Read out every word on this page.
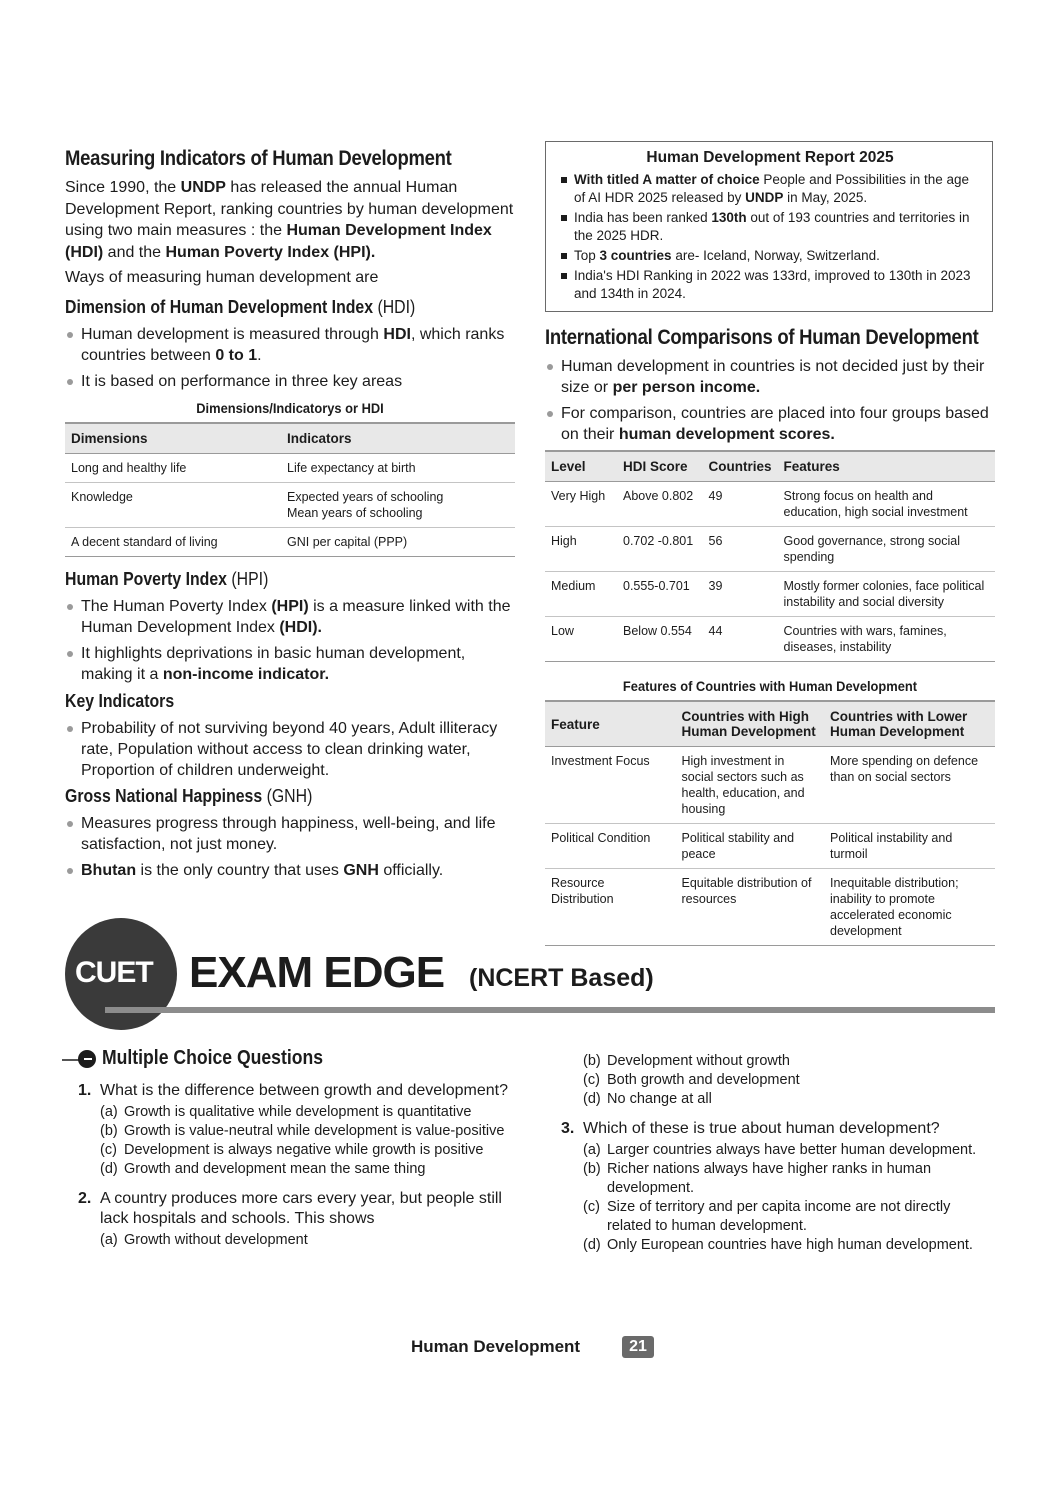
Measuring Indicators of Human Development

Since 1990, the UNDP has released the annual Human Development Report, ranking countries by human development using two main measures : the Human Development Index (HDI) and the Human Poverty Index (HPI).

Ways of measuring human development are

Dimension of Human Development Index (HDI)
Human development is measured through HDI, which ranks countries between 0 to 1.
It is based on performance in three key areas
Dimensions/Indicatorys or HDI
Dimensions	Indicators
Long and healthy life	Life expectancy at birth
Knowledge	Expected years of schooling
Mean years of schooling
A decent standard of living	GNI per capital (PPP)
Human Poverty Index (HPI)
The Human Poverty Index (HPI) is a measure linked with the Human Development Index (HDI).
It highlights deprivations in basic human development, making it a non-income indicator.
Key Indicators
Probability of not surviving beyond 40 years, Adult illiteracy rate, Population without access to clean drinking water, Proportion of children underweight.
Gross National Happiness (GNH)
Measures progress through happiness, well-being, and life satisfaction, not just money.
Bhutan is the only country that uses GNH officially.
Human Development Report 2025
With titled A matter of choice People and Possibilities in the age of AI HDR 2025 released by UNDP in May, 2025.
India has been ranked 130th out of 193 countries and territories in the 2025 HDR.
Top 3 countries are- Iceland, Norway, Switzerland.
India's HDI Ranking in 2022 was 133rd, improved to 130th in 2023 and 134th in 2024.
International Comparisons of Human Development
Human development in countries is not decided just by their size or per person income.
For comparison, countries are placed into four groups based on their human development scores.
Level	HDI Score	Countries	Features
Very High	Above 0.802	49	Strong focus on health and education, high social investment
High	0.702 -0.801	56	Good governance, strong social spending
Medium	0.555-0.701	39	Mostly former colonies, face political instability and social diversity
Low	Below 0.554	44	Countries with wars, famines, diseases, instability
Features of Countries with Human Development
Feature	Countries with High Human Development	Countries with Lower Human Development
Investment Focus	High investment in social sectors such as health, education, and housing	More spending on defence than on social sectors
Political Condition	Political stability and peace	Political instability and turmoil
Resource Distribution	Equitable distribution of resources	Inequitable distribution; inability to promote accelerated economic development
CUET EXAM EDGE (NCERT Based)
Multiple Choice Questions
1. What is the difference between growth and development?
(a) Growth is qualitative while development is quantitative
(b) Growth is value-neutral while development is value-positive
(c) Development is always negative while growth is positive
(d) Growth and development mean the same thing
2. A country produces more cars every year, but people still lack hospitals and schools. This shows
(a) Growth without development
(b) Development without growth
(c) Both growth and development
(d) No change at all
3. Which of these is true about human development?
(a) Larger countries always have better human development.
(b) Richer nations always have higher ranks in human development.
(c) Size of territory and per capita income are not directly related to human development.
(d) Only European countries have high human development.
Human Development	21
